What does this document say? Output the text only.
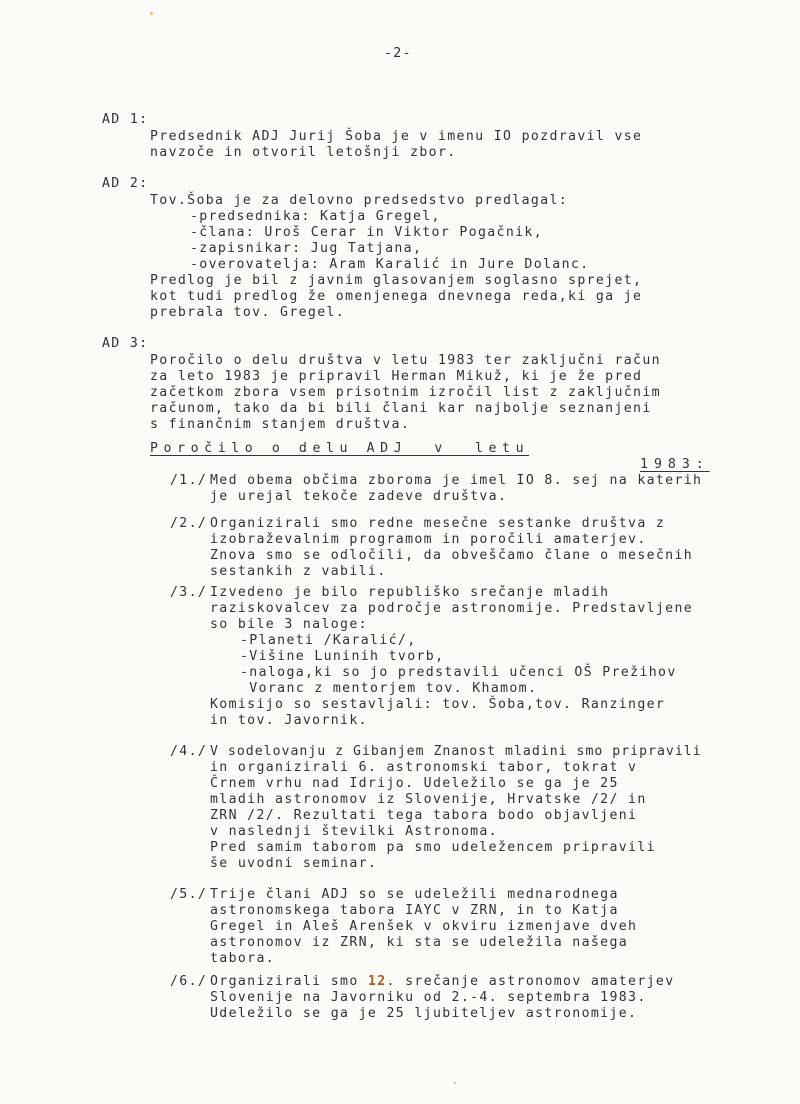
-2-
AD 1:
Predsednik ADJ Jurij Šoba je v imenu IO pozdravil vse
navzoče in otvoril letošnji zbor.
AD 2:
Tov.Šoba je za delovno predsedstvo predlagal:
-predsednika: Katja Gregel,
-člana: Uroš Cerar in Viktor Pogačnik,
-zapisnikar: Jug Tatjana,
-overovatelja: Aram Karalić in Jure Dolanc.
Predlog je bil z javnim glasovanjem soglasno sprejet,
kot tudi predlog že omenjenega dnevnega reda,ki ga je
prebrala tov. Gregel.
AD 3:
Poročilo o delu društva v letu 1983 ter zaključni račun
za leto 1983 je pripravil Herman Mikuž, ki je že pred
začetkom zbora vsem prisotnim izročil list z zaključnim
računom, tako da bi bili člani kar najbolje seznanjeni
s finančnim stanjem društva.
Poročilo o delu ADJ  v  letu
1983:
/1./ Med obema občima zboroma je imel IO 8. sej na katerih
je urejal tekoče zadeve društva.
/2./ Organizirali smo redne mesečne sestanke društva z
izobraževalnim programom in poročili amaterjev.
Znova smo se odločili, da obveščamo člane o mesečnih
sestankih z vabili.
/3./ Izvedeno je bilo republiško srečanje mladih
raziskovalcev za področje astronomije. Predstavljene
so bile 3 naloge:
-Planeti /Karalić/,
-Višine Luninih tvorb,
-naloga,ki so jo predstavili učenci OŠ Prežihov
Voranc z mentorjem tov. Khamom.
Komisijo so sestavljali: tov. Šoba,tov. Ranzinger
in tov. Javornik.
/4./ V sodelovanju z Gibanjem Znanost mladini smo pripravili
in organizirali 6. astronomski tabor, tokrat v
Črnem vrhu nad Idrijo. Udeležilo se ga je 25
mladih astronomov iz Slovenije, Hrvatske /2/ in
ZRN /2/. Rezultati tega tabora bodo objavljeni
v naslednji številki Astronoma.
Pred samim taborom pa smo udeležencem pripravili
še uvodni seminar.
/5./ Trije člani ADJ so se udeležili mednarodnega
astronomskega tabora IAYC v ZRN, in to Katja
Gregel in Aleš Arenšek v okviru izmenjave dveh
astronomov iz ZRN, ki sta se udeležila našega
tabora.
/6./ Organizirali smo 12. srečanje astronomov amaterjev
Slovenije na Javorniku od 2.-4. septembra 1983.
Udeležilo se ga je 25 ljubiteljev astronomije.
